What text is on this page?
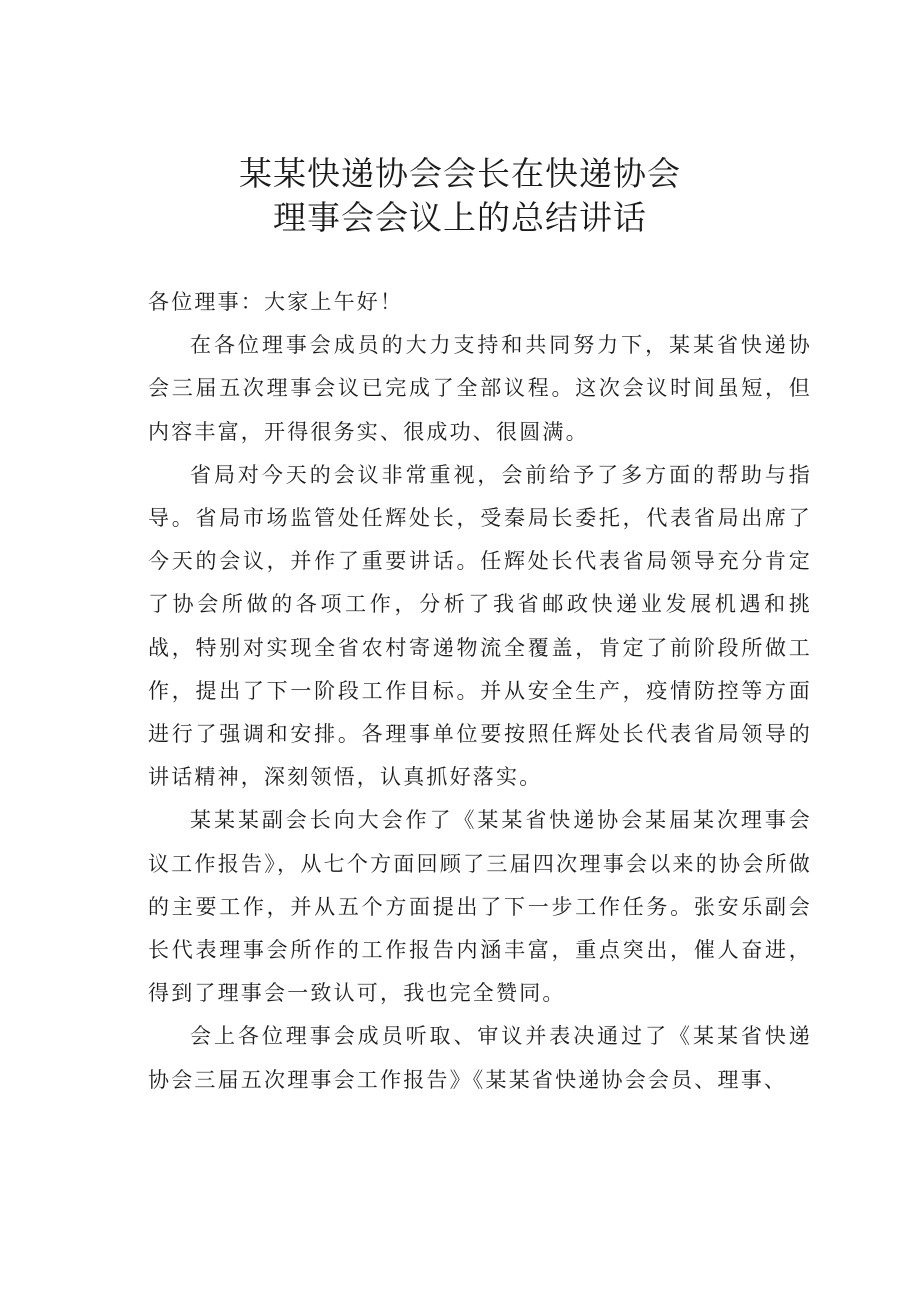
某某快递协会会长在快递协会
理事会会议上的总结讲话

各位理事：大家上午好！

在各位理事会成员的大力支持和共同努力下，某某省快递协会三届五次理事会议已完成了全部议程。这次会议时间虽短，但内容丰富，开得很务实、很成功、很圆满。

省局对今天的会议非常重视，会前给予了多方面的帮助与指导。省局市场监管处任辉处长，受秦局长委托，代表省局出席了今天的会议，并作了重要讲话。任辉处长代表省局领导充分肯定了协会所做的各项工作，分析了我省邮政快递业发展机遇和挑战，特别对实现全省农村寄递物流全覆盖，肯定了前阶段所做工作，提出了下一阶段工作目标。并从安全生产，疫情防控等方面进行了强调和安排。各理事单位要按照任辉处长代表省局领导的讲话精神，深刻领悟，认真抓好落实。

某某某副会长向大会作了《某某省快递协会某届某次理事会议工作报告》，从七个方面回顾了三届四次理事会以来的协会所做的主要工作，并从五个方面提出了下一步工作任务。张安乐副会长代表理事会所作的工作报告内涵丰富，重点突出，催人奋进，得到了理事会一致认可，我也完全赞同。

会上各位理事会成员听取、审议并表决通过了《某某省快递协会三届五次理事会工作报告》《某某省快递协会会员、理事、
